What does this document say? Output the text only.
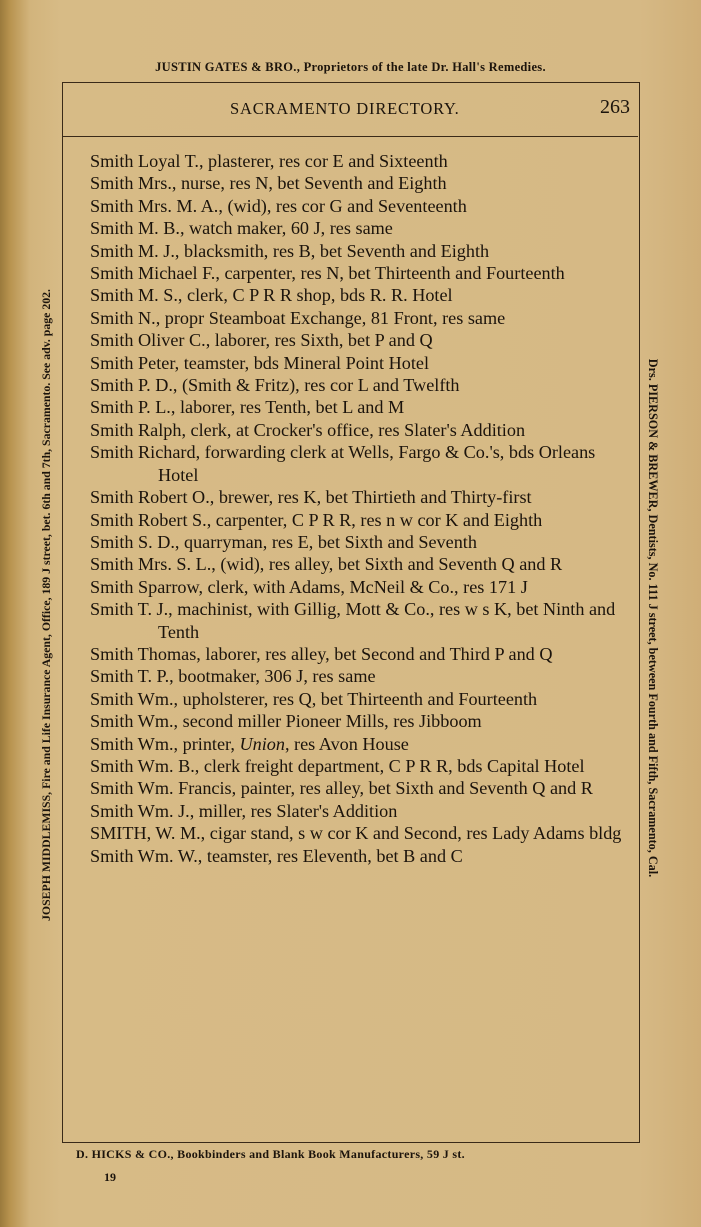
JUSTIN GATES & BRO., Proprietors of the late Dr. Hall's Remedies.
SACRAMENTO DIRECTORY.	263
JOSEPH MIDDLEMISS, Fire and Life Insurance Agent, Office, 189 J street, bet. 6th and 7th, Sacramento. See adv. page 202.	Drs. PIERSON & BREWER, Dentists, No. 111 J street, between Fourth and Fifth, Sacramento, Cal.

Smith Loyal T., plasterer, res cor E and Sixteenth

Smith Mrs., nurse, res N, bet Seventh and Eighth

Smith Mrs. M. A., (wid), res cor G and Seventeenth

Smith M. B., watch maker, 60 J, res same

Smith M. J., blacksmith, res B, bet Seventh and Eighth

Smith Michael F., carpenter, res N, bet Thirteenth and Fourteenth

Smith M. S., clerk, C P R R shop, bds R. R. Hotel

Smith N., propr Steamboat Exchange, 81 Front, res same

Smith Oliver C., laborer, res Sixth, bet P and Q

Smith Peter, teamster, bds Mineral Point Hotel

Smith P. D., (Smith & Fritz), res cor L and Twelfth

Smith P. L., laborer, res Tenth, bet L and M

Smith Ralph, clerk, at Crocker's office, res Slater's Addition

Smith Richard, forwarding clerk at Wells, Fargo & Co.'s, bds Orleans Hotel

Smith Robert O., brewer, res K, bet Thirtieth and Thirty-first

Smith Robert S., carpenter, C P R R, res n w cor K and Eighth

Smith S. D., quarryman, res E, bet Sixth and Seventh

Smith Mrs. S. L., (wid), res alley, bet Sixth and Seventh Q and R

Smith Sparrow, clerk, with Adams, McNeil & Co., res 171 J

Smith T. J., machinist, with Gillig, Mott & Co., res w s K, bet Ninth and Tenth

Smith Thomas, laborer, res alley, bet Second and Third P and Q

Smith T. P., bootmaker, 306 J, res same

Smith Wm., upholsterer, res Q, bet Thirteenth and Fourteenth

Smith Wm., second miller Pioneer Mills, res Jibboom

Smith Wm., printer, Union, res Avon House

Smith Wm. B., clerk freight department, C P R R, bds Capital Hotel

Smith Wm. Francis, painter, res alley, bet Sixth and Seventh Q and R

Smith Wm. J., miller, res Slater's Addition

SMITH, W. M., cigar stand, s w cor K and Second, res Lady Adams bldg

Smith Wm. W., teamster, res Eleventh, bet B and C

D. HICKS & CO., Bookbinders and Blank Book Manufacturers, 59 J st.
19
